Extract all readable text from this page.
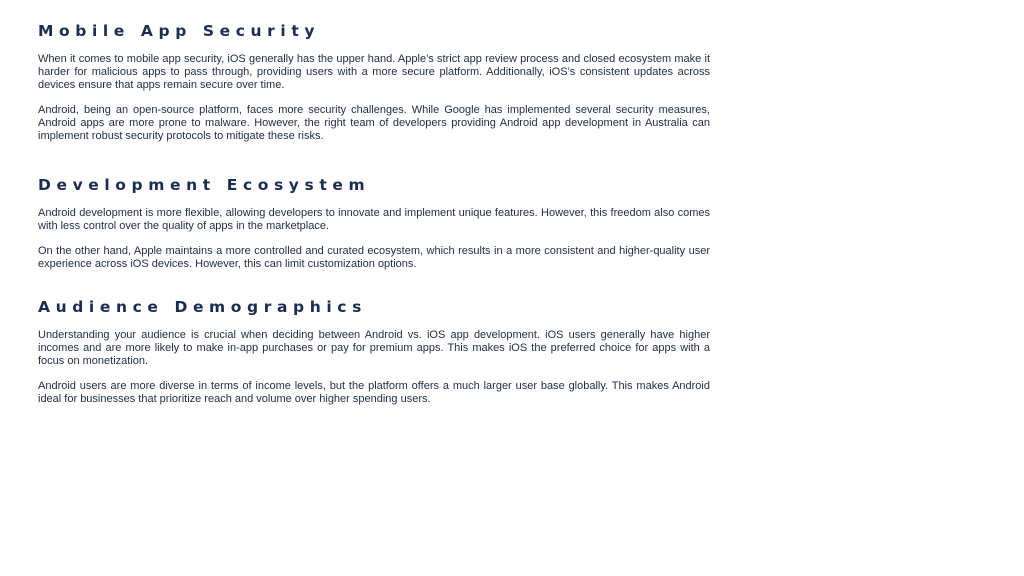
Mobile App Security

When it comes to mobile app security, iOS generally has the upper hand. Apple’s strict app review process and closed ecosystem make it harder for malicious apps to pass through, providing users with a more secure platform. Additionally, iOS’s consistent updates across devices ensure that apps remain secure over time.

Android, being an open-source platform, faces more security challenges. While Google has implemented several security measures, Android apps are more prone to malware. However, the right team of developers providing Android app development in Australia can implement robust security protocols to mitigate these risks.

Development Ecosystem

Android development is more flexible, allowing developers to innovate and implement unique features. However, this freedom also comes with less control over the quality of apps in the marketplace.

On the other hand, Apple maintains a more controlled and curated ecosystem, which results in a more consistent and higher-quality user experience across iOS devices. However, this can limit customization options.

Audience Demographics

Understanding your audience is crucial when deciding between Android vs. iOS app development. iOS users generally have higher incomes and are more likely to make in-app purchases or pay for premium apps. This makes iOS the preferred choice for apps with a focus on monetization.

Android users are more diverse in terms of income levels, but the platform offers a much larger user base globally. This makes Android ideal for businesses that prioritize reach and volume over higher spending users.
